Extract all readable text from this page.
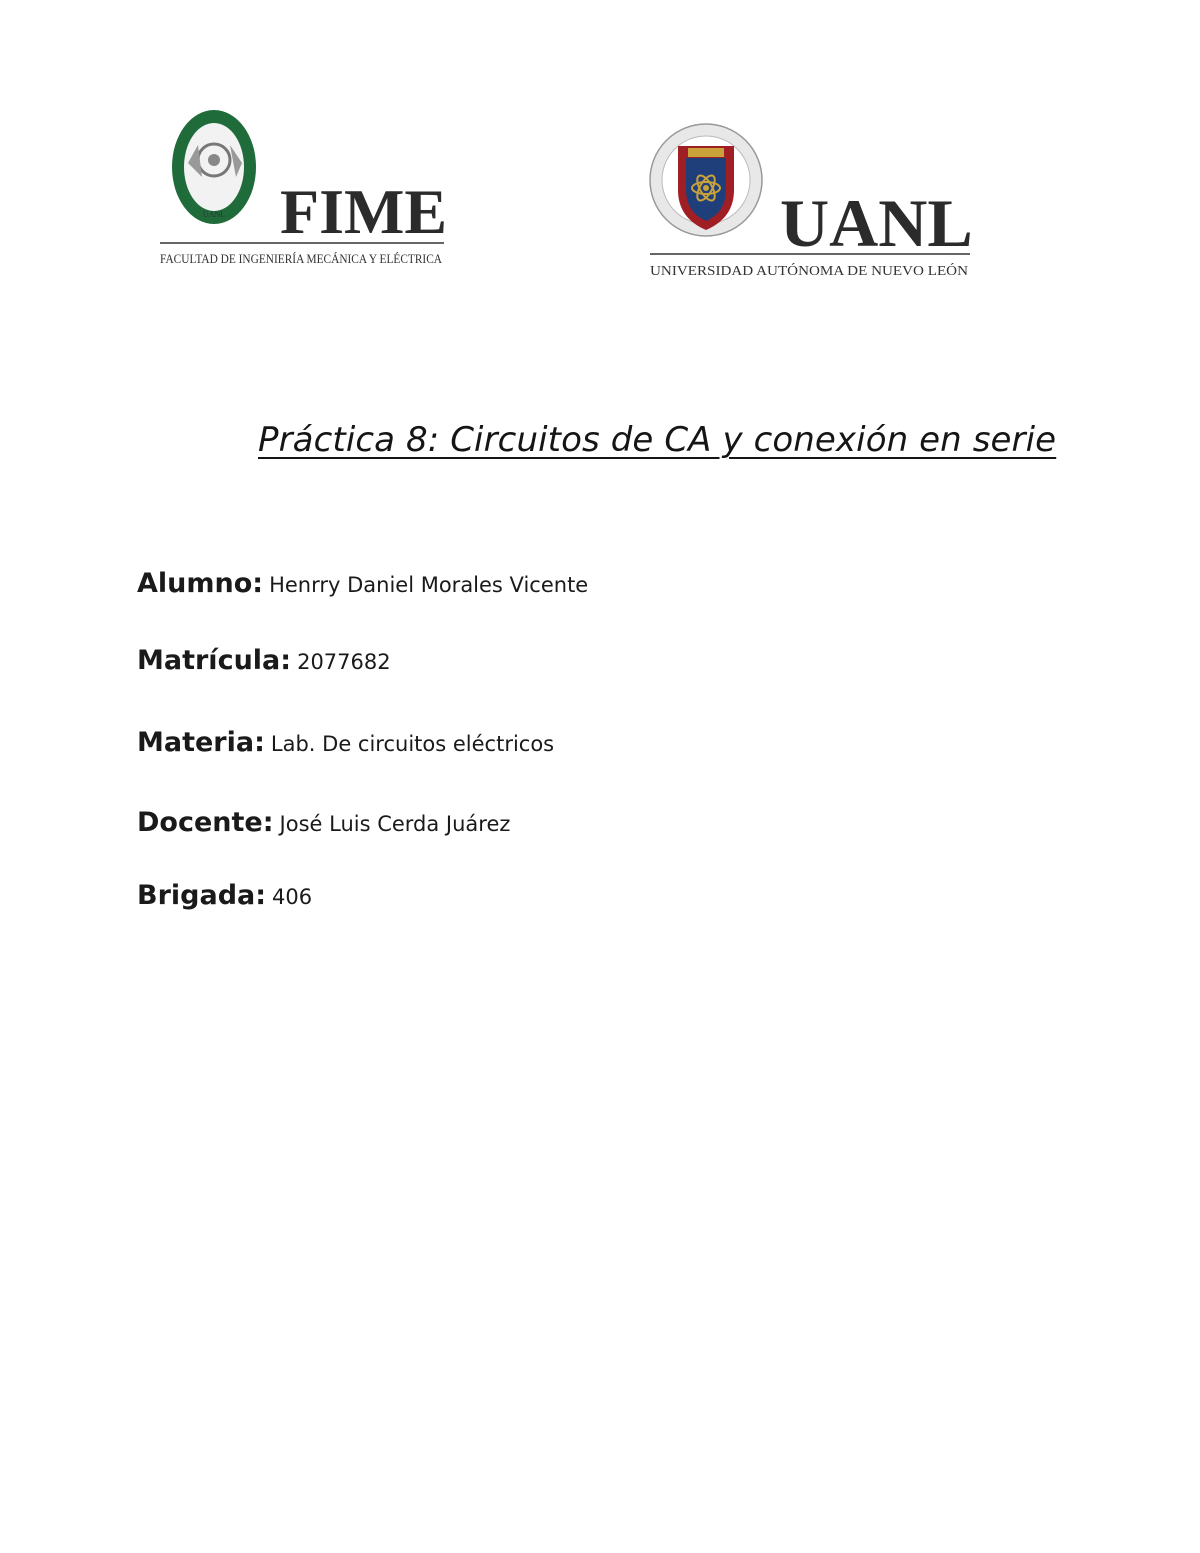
UANL FIME
FACULTAD DE INGENIERÍA MECÁNICA Y ELÉCTRICA	UANL
UNIVERSIDAD AUTÓNOMA DE NUEVO LEÓN
Práctica 8: Circuitos de CA y conexión en serie
Alumno: Henrry Daniel Morales Vicente
Matrícula: 2077682
Materia: Lab. De circuitos eléctricos
Docente: José Luis Cerda Juárez
Brigada: 406
